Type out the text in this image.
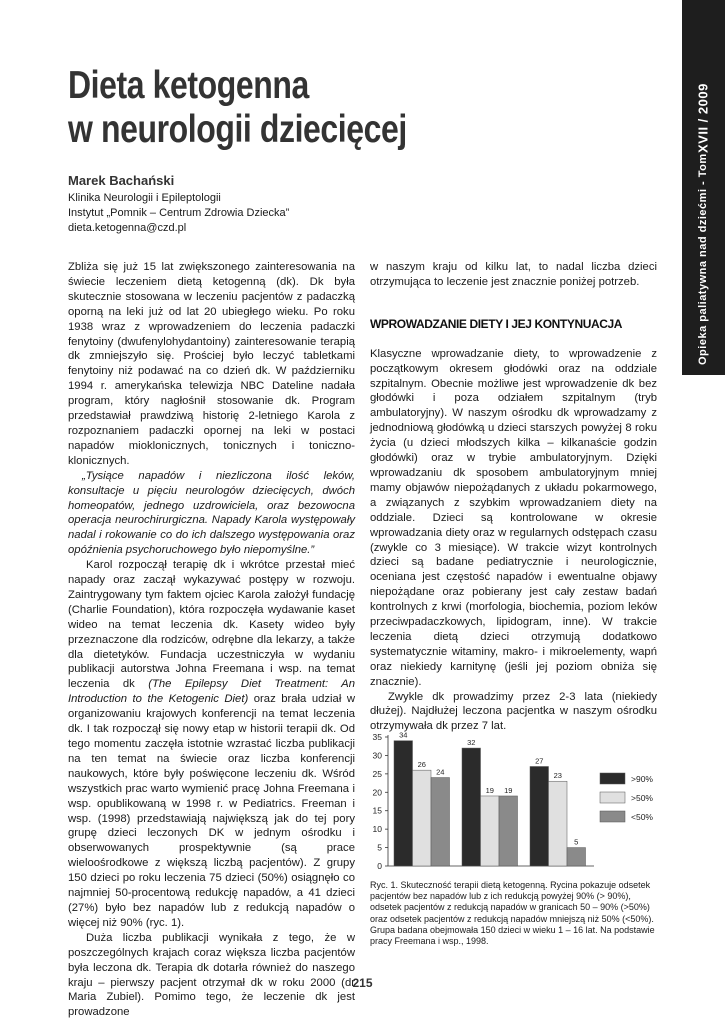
Opieka paliatywna nad dziećmi - Tom
XVII / 2009
Dieta ketogenna
w neurologii dziecięcej
Marek Bachański
Klinika Neurologii i Epileptologii
Instytut „Pomnik – Centrum Zdrowia Dziecka”
dieta.ketogenna@czd.pl

Zbliża się już 15 lat zwiększonego zainteresowania na świecie leczeniem dietą ketogenną (dk). Dk była skutecznie stosowana w leczeniu pacjentów z padaczką oporną na leki już od lat 20 ubiegłego wieku. Po roku 1938 wraz z wprowadzeniem do leczenia padaczki fenytoiny (dwufenylohydantoiny) zainteresowanie terapią dk zmniejszyło się. Prościej było leczyć tabletkami fenytoiny niż podawać na co dzień dk. W październiku 1994 r. amerykańska telewizja NBC Dateline nadała program, który nagłośnił stosowanie dk. Program przedstawiał prawdziwą historię 2-letniego Karola z rozpoznaniem padaczki opornej na leki w postaci napadów mioklonicznych, tonicznych i toniczno-klonicznych.

„Tysiące napadów i niezliczona ilość leków, konsultacje u pięciu neurologów dziecięcych, dwóch homeopatów, jednego uzdrowiciela, oraz bezowocna operacja neurochirurgiczna. Napady Karola występowały nadal i rokowanie co do ich dalszego występowania oraz opóźnienia psychoruchowego było niepomyślne.”

Karol rozpoczął terapię dk i wkrótce przestał mieć napady oraz zaczął wykazywać postępy w rozwoju. Zaintrygowany tym faktem ojciec Karola założył fundację (Charlie Foundation), która rozpoczęła wydawanie kaset wideo na temat leczenia dk. Kasety wideo były przeznaczone dla rodziców, odrębne dla lekarzy, a także dla dietetyków. Fundacja uczestniczyła w wydaniu publikacji autorstwa Johna Freemana i wsp. na temat leczenia dk (The Epilepsy Diet Treatment: An Introduction to the Ketogenic Diet) oraz brała udział w organizowaniu krajowych konferencji na temat leczenia dk. I tak rozpoczął się nowy etap w historii terapii dk. Od tego momentu zaczęła istotnie wzrastać liczba publikacji na ten temat na świecie oraz liczba konferencji naukowych, które były poświęcone leczeniu dk. Wśród wszystkich prac warto wymienić pracę Johna Freemana i wsp. opublikowaną w 1998 r. w Pediatrics. Freeman i wsp. (1998) przedstawiają największą jak do tej pory grupę dzieci leczonych DK w jednym ośrodku i obserwowanych prospektywnie (są prace wieloośrodkowe z większą liczbą pacjentów). Z grupy 150 dzieci po roku leczenia 75 dzieci (50%) osiągnęło co najmniej 50-procentową redukcję napadów, a 41 dzieci (27%) było bez napadów lub z redukcją napadów o więcej niż 90% (ryc. 1).

Duża liczba publikacji wynikała z tego, że w poszczególnych krajach coraz większa liczba pacjentów była leczona dk. Terapia dk dotarła również do naszego kraju – pierwszy pacjent otrzymał dk w roku 2000 (dr Maria Zubiel). Pomimo tego, że leczenie dk jest prowadzone

w naszym kraju od kilku lat, to nadal liczba dzieci otrzymująca to leczenie jest znacznie poniżej potrzeb.

WPROWADZANIE DIETY I JEJ KONTYNUACJA

Klasyczne wprowadzanie diety, to wprowadzenie z początkowym okresem głodówki oraz na oddziale szpitalnym. Obecnie możliwe jest wprowadzenie dk bez głodówki i poza odziałem szpitalnym (tryb ambulatoryjny). W naszym ośrodku dk wprowadzamy z jednodniową głodówką u dzieci starszych powyżej 8 roku życia (u dzieci młodszych kilka – kilkanaście godzin głodówki) oraz w trybie ambulatoryjnym. Dzięki wprowadzaniu dk sposobem ambulatoryjnym mniej mamy objawów niepożądanych z układu pokarmowego, a związanych z szybkim wprowadzaniem diety na oddziale. Dzieci są kontrolowane w okresie wprowadzania diety oraz w regularnych odstępach czasu (zwykle co 3 miesiące). W trakcie wizyt kontrolnych dzieci są badane pediatrycznie i neurologicznie, oceniana jest częstość napadów i ewentualne objawy niepożądane oraz pobierany jest cały zestaw badań kontrolnych z krwi (morfologia, biochemia, poziom leków przeciwpadaczkowych, lipidogram, inne). W trakcie leczenia dietą dzieci otrzymują dodatkowo systematycznie witaminy, makro- i mikroelementy, wapń oraz niekiedy karnitynę (jeśli jej poziom obniża się znacznie).

Zwykle dk prowadzimy przez 2-3 lata (niekiedy dłużej). Najdłużej leczona pacjentka w naszym ośrodku otrzymywała dk przez 7 lat.

0
5
10
15
20
25
30
35 34
26
24
32
19 19
27
23
5
>90%
>50%
<50%
Ryc. 1. Skuteczność terapii dietą ketogenną. Rycina pokazuje odsetek pacjentów bez napadów lub z ich redukcją powyżej 90% (> 90%), odsetek pacjentów z redukcją napadów w granicach 50 – 90% (>50%) oraz odsetek pacjentów z redukcją napadów mniejszą niż 50% (<50%). Grupa badana obejmowała 150 dzieci w wieku 1 – 16 lat. Na podstawie pracy Freemana i wsp., 1998.
215
